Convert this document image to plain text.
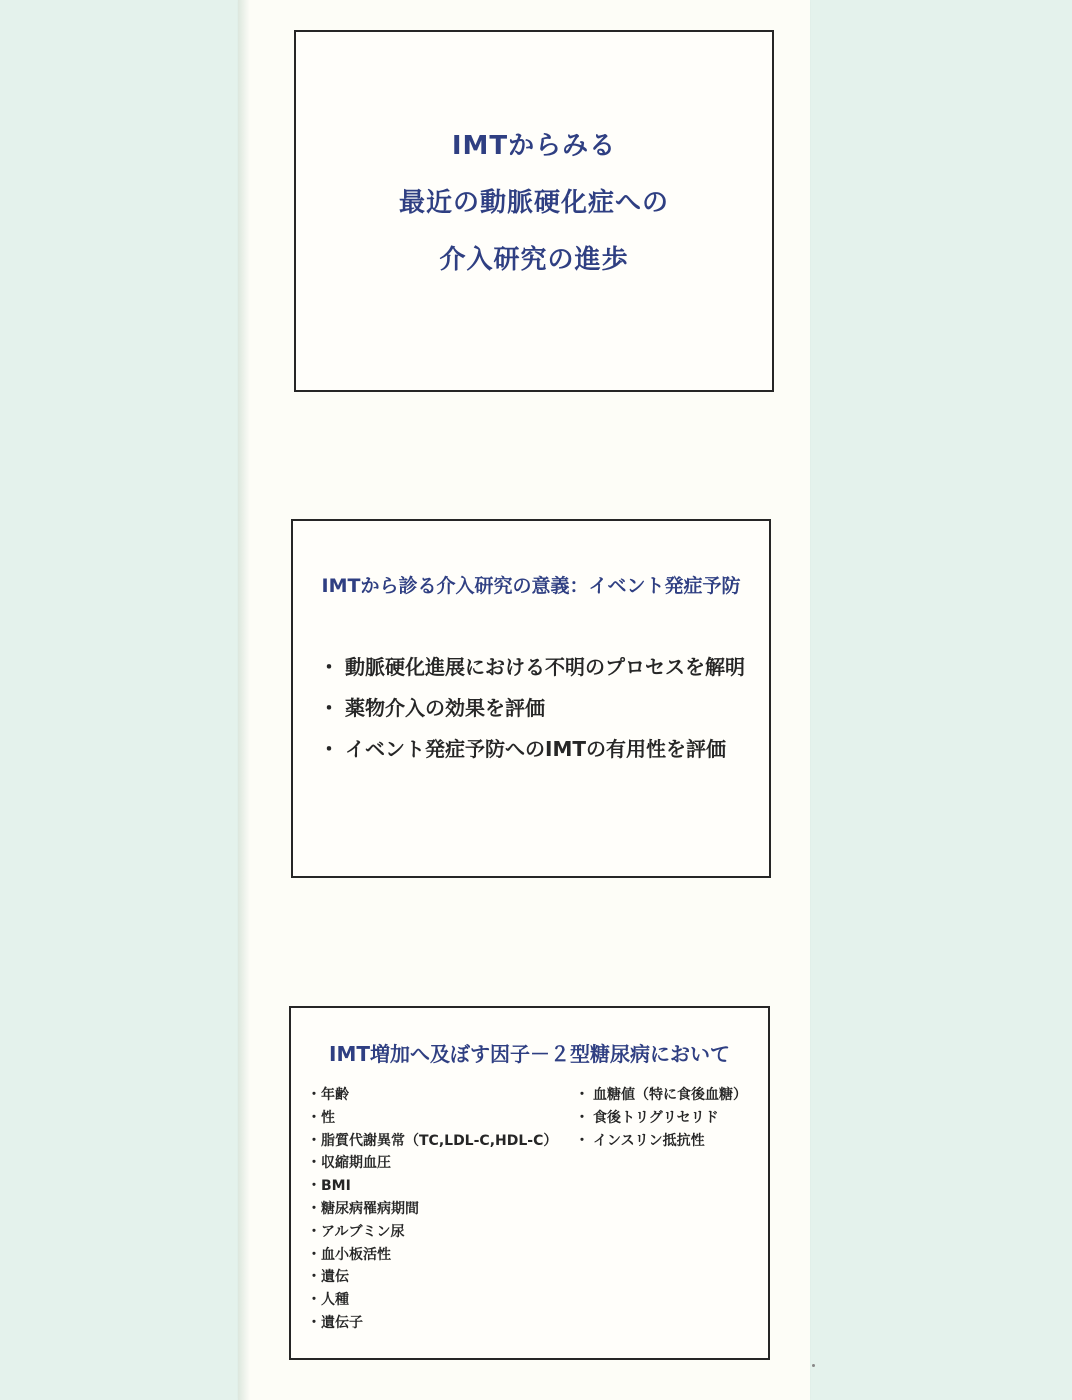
IMTからみる
最近の動脈硬化症への
介入研究の進歩
IMTから診る介入研究の意義：イベント発症予防
・ 動脈硬化進展における不明のプロセスを解明
・ 薬物介入の効果を評価
・ イベント発症予防へのIMTの有用性を評価
IMT増加へ及ぼす因子－２型糖尿病において
・年齢
・性
・脂質代謝異常（TC,LDL-C,HDL-C）
・収縮期血圧
・BMI
・糖尿病罹病期間
・アルブミン尿
・血小板活性
・遺伝
・人種
・遺伝子
・ 血糖値（特に食後血糖）
・ 食後トリグリセリド
・ インスリン抵抗性
